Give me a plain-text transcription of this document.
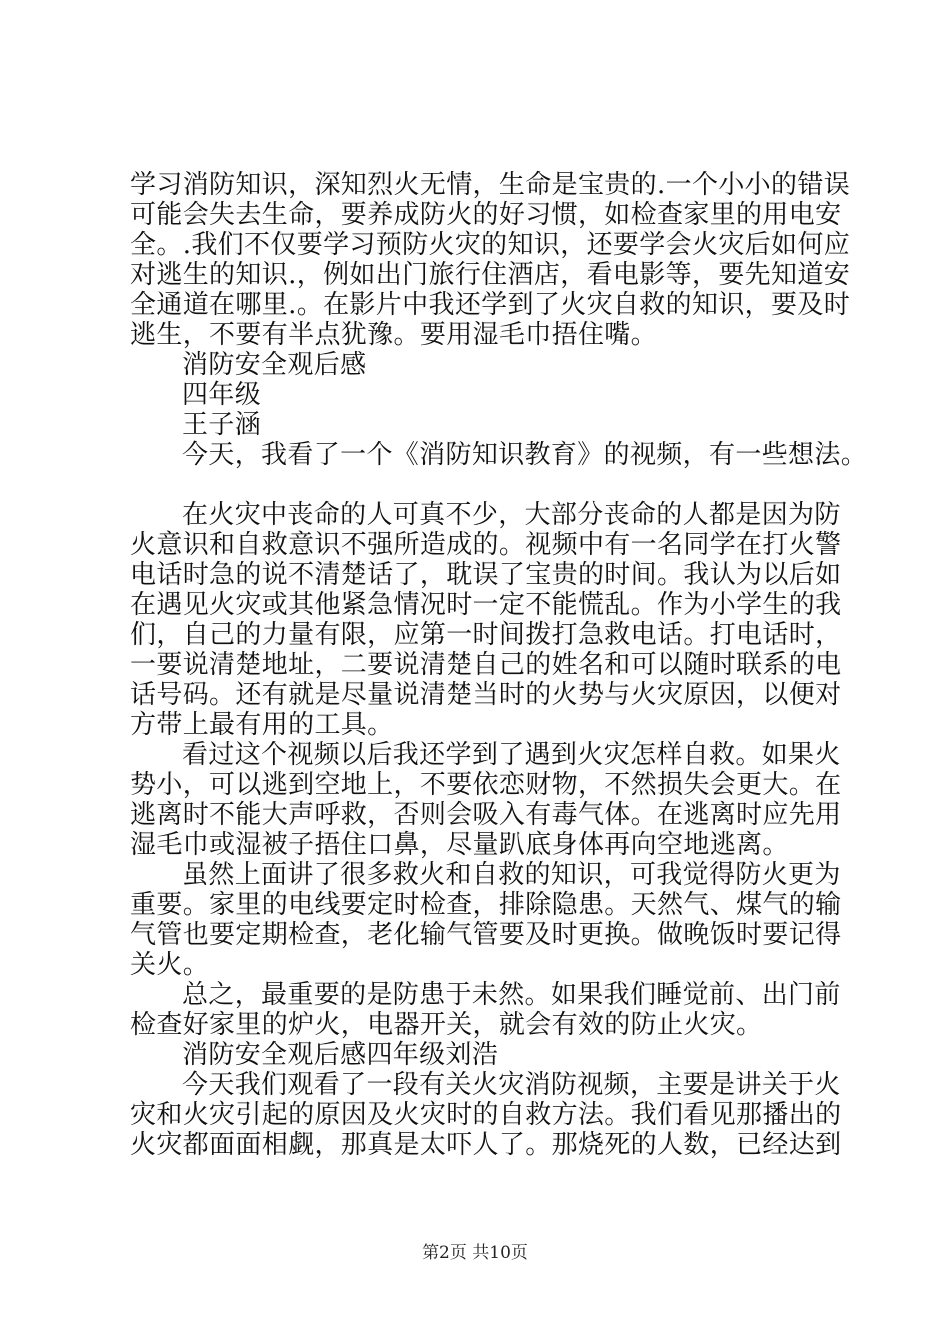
学习消防知识，深知烈火无情，生命是宝贵的.一个小小的错误
可能会失去生命，要养成防火的好习惯，如检查家里的用电安
全。.我们不仅要学习预防火灾的知识，还要学会火灾后如何应
对逃生的知识.，例如出门旅行住酒店，看电影等，要先知道安
全通道在哪里.。在影片中我还学到了火灾自救的知识，要及时
逃生，不要有半点犹豫。要用湿毛巾捂住嘴。
消防安全观后感
四年级
王子涵
今天，我看了一个《消防知识教育》的视频，有一些想法。
在火灾中丧命的人可真不少，大部分丧命的人都是因为防
火意识和自救意识不强所造成的。视频中有一名同学在打火警
电话时急的说不清楚话了，耽误了宝贵的时间。我认为以后如
在遇见火灾或其他紧急情况时一定不能慌乱。作为小学生的我
们，自己的力量有限，应第一时间拨打急救电话。打电话时，
一要说清楚地址，二要说清楚自己的姓名和可以随时联系的电
话号码。还有就是尽量说清楚当时的火势与火灾原因，以便对
方带上最有用的工具。
看过这个视频以后我还学到了遇到火灾怎样自救。如果火
势小，可以逃到空地上，不要依恋财物，不然损失会更大。在
逃离时不能大声呼救，否则会吸入有毒气体。在逃离时应先用
湿毛巾或湿被子捂住口鼻，尽量趴底身体再向空地逃离。
虽然上面讲了很多救火和自救的知识，可我觉得防火更为
重要。家里的电线要定时检查，排除隐患。天然气、煤气的输
气管也要定期检查，老化输气管要及时更换。做晚饭时要记得
关火。
总之，最重要的是防患于未然。如果我们睡觉前、出门前
检查好家里的炉火，电器开关，就会有效的防止火灾。
消防安全观后感四年级刘浩
今天我们观看了一段有关火灾消防视频，主要是讲关于火
灾和火灾引起的原因及火灾时的自救方法。我们看见那播出的
火灾都面面相觑，那真是太吓人了。那烧死的人数，已经达到
第2页 共10页
